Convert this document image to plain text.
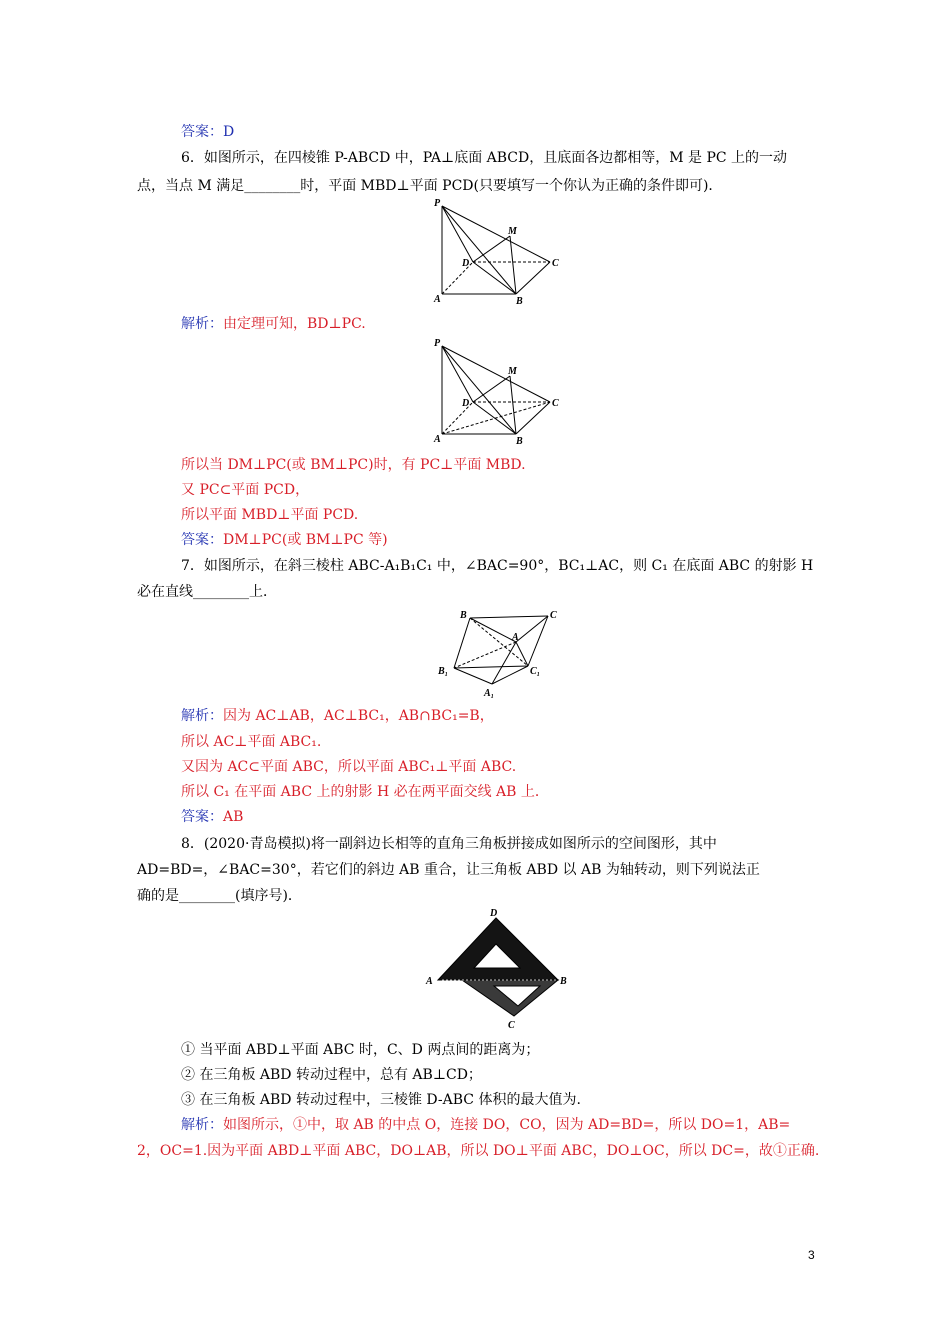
答案：D
6．如图所示，在四棱锥 P-ABCD 中，PA⊥底面 ABCD，且底面各边都相等，M 是 PC 上的一动
点，当点 M 满足________时，平面 MBD⊥平面 PCD(只要填写一个你认为正确的条件即可)．
P
M
D	C
A	B
解析：由定理可知，BD⊥PC.
P
M
D	C
A	B
所以当 DM⊥PC(或 BM⊥PC)时，有 PC⊥平面 MBD.
又 PC⊂平面 PCD，
所以平面 MBD⊥平面 PCD.
答案：DM⊥PC(或 BM⊥PC 等)
7．如图所示，在斜三棱柱 ABC-A₁B₁C₁ 中，∠BAC=90°，BC₁⊥AC，则 C₁ 在底面 ABC 的射影 H
必在直线________上．
B	C
A
B₁	C₁
A₁
解析：因为 AC⊥AB，AC⊥BC₁，AB∩BC₁=B，
所以 AC⊥平面 ABC₁.
又因为 AC⊂平面 ABC，所以平面 ABC₁⊥平面 ABC.
所以 C₁ 在平面 ABC 上的射影 H 必在两平面交线 AB 上．
答案：AB
8．(2020·青岛模拟)将一副斜边长相等的直角三角板拼接成如图所示的空间图形，其中
AD=BD=，∠BAC=30°，若它们的斜边 AB 重合，让三角板 ABD 以 AB 为轴转动，则下列说法正
确的是________(填序号)．
D
A	B
C
① 当平面 ABD⊥平面 ABC 时，C、D 两点间的距离为；
② 在三角板 ABD 转动过程中，总有 AB⊥CD；
③ 在三角板 ABD 转动过程中，三棱锥 D-ABC 体积的最大值为.
解析：如图所示，①中，取 AB 的中点 O，连接 DO，CO，因为 AD=BD=，所以 DO=1，AB=
2，OC=1.因为平面 ABD⊥平面 ABC，DO⊥AB，所以 DO⊥平面 ABC，DO⊥OC，所以 DC=，故①正确.
3
